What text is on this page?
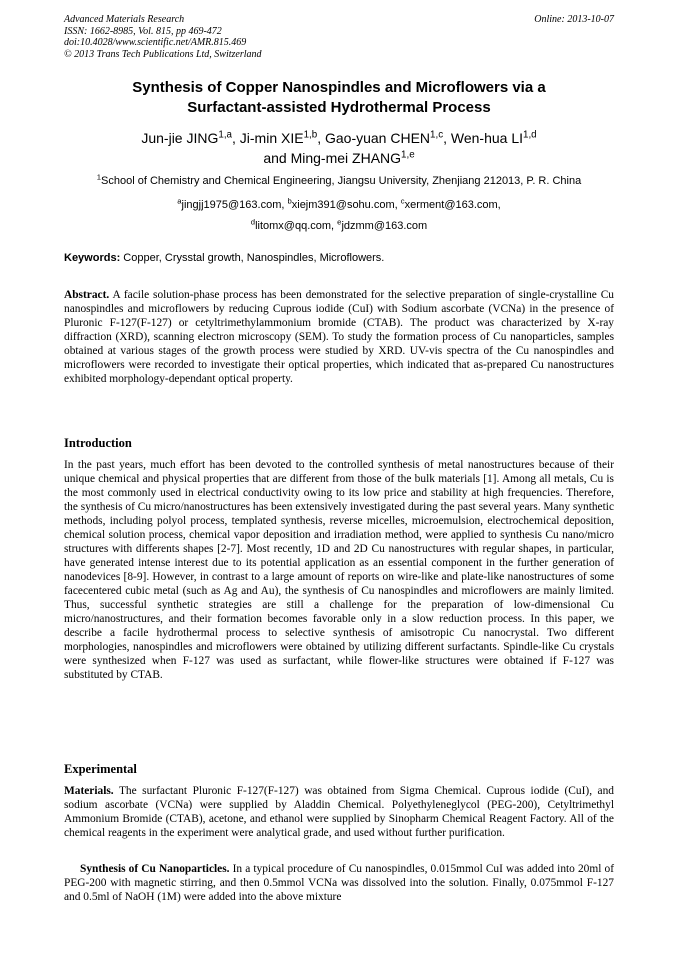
Advanced Materials Research
ISSN: 1662-8985, Vol. 815, pp 469-472
doi:10.4028/www.scientific.net/AMR.815.469
© 2013 Trans Tech Publications Ltd, Switzerland
Online: 2013-10-07
Synthesis of Copper Nanospindles and Microflowers via a
Surfactant-assisted Hydrothermal Process
Jun-jie JING$^{1,a}$, Ji-min XIE$^{1,b}$, Gao-yuan CHEN$^{1,c}$, Wen-hua LI$^{1,d}$
and Ming-mei ZHANG$^{1,e}$
$^1$School of Chemistry and Chemical Engineering, Jiangsu University, Zhenjiang 212013, P. R. China
$^a$jingjj1975@163.com, $^b$xiejm391@sohu.com, $^c$xerment@163.com,
$^d$litomx@qq.com, $^e$jdzmm@163.com
Keywords: Copper, Crysstal growth, Nanospindles, Microflowers.

Abstract. A facile solution-phase process has been demonstrated for the selective preparation of single-crystalline Cu nanospindles and microflowers by reducing Cuprous iodide (CuI) with Sodium ascorbate (VCNa) in the presence of Pluronic F-127(F-127) or cetyltrimethylammonium bromide (CTAB). The product was characterized by X-ray diffraction (XRD), scanning electron microscopy (SEM). To study the formation process of Cu nanoparticles, samples obtained at various stages of the growth process were studied by XRD. UV-vis spectra of the Cu nanospindles and microflowers were recorded to investigate their optical properties, which indicated that as-prepared Cu nanostructures exhibited morphology-dependant optical property.

Introduction

In the past years, much effort has been devoted to the controlled synthesis of metal nanostructures because of their unique chemical and physical properties that are different from those of the bulk materials [1]. Among all metals, Cu is the most commonly used in electrical conductivity owing to its low price and stability at high frequencies. Therefore, the synthesis of Cu micro/nanostructures has been extensively investigated during the past several years. Many synthetic methods, including polyol process, templated synthesis, reverse micelles, microemulsion, electrochemical deposition, chemical solution process, chemical vapor deposition and irradiation method, were applied to synthesis Cu nano/micro structures with differents shapes [2-7]. Most recently, 1D and 2D Cu nanostructures with regular shapes, in particular, have generated intense interest due to its potential application as an essential component in the further generation of nanodevices [8-9]. However, in contrast to a large amount of reports on wire-like and plate-like nanostructures of some facecentered cubic metal (such as Ag and Au), the synthesis of Cu nanospindles and microflowers are mainly limited. Thus, successful synthetic strategies are still a challenge for the preparation of low-dimensional Cu micro/nanostructures, and their formation becomes favorable only in a slow reduction process. In this paper, we describe a facile hydrothermal process to selective synthesis of amisotropic Cu nanocrystal. Two different morphologies, nanospindles and microflowers were obtained by utilizing different surfactants. Spindle-like Cu crystals were synthesized when F-127 was used as surfactant, while flower-like structures were obtained if F-127 was substituted by CTAB.

Experimental

Materials. The surfactant Pluronic F-127(F-127) was obtained from Sigma Chemical. Cuprous iodide (CuI), and sodium ascorbate (VCNa) were supplied by Aladdin Chemical. Polyethyleneglycol (PEG-200), Cetyltrimethyl Ammonium Bromide (CTAB), acetone, and ethanol were supplied by Sinopharm Chemical Reagent Factory. All of the chemical reagents in the experiment were analytical grade, and used without further purification.

Synthesis of Cu Nanoparticles. In a typical procedure of Cu nanospindles, 0.015mmol CuI was added into 20ml of PEG-200 with magnetic stirring, and then 0.5mmol VCNa was dissolved into the solution. Finally, 0.075mmol F-127 and 0.5ml of NaOH (1M) were added into the above mixture
